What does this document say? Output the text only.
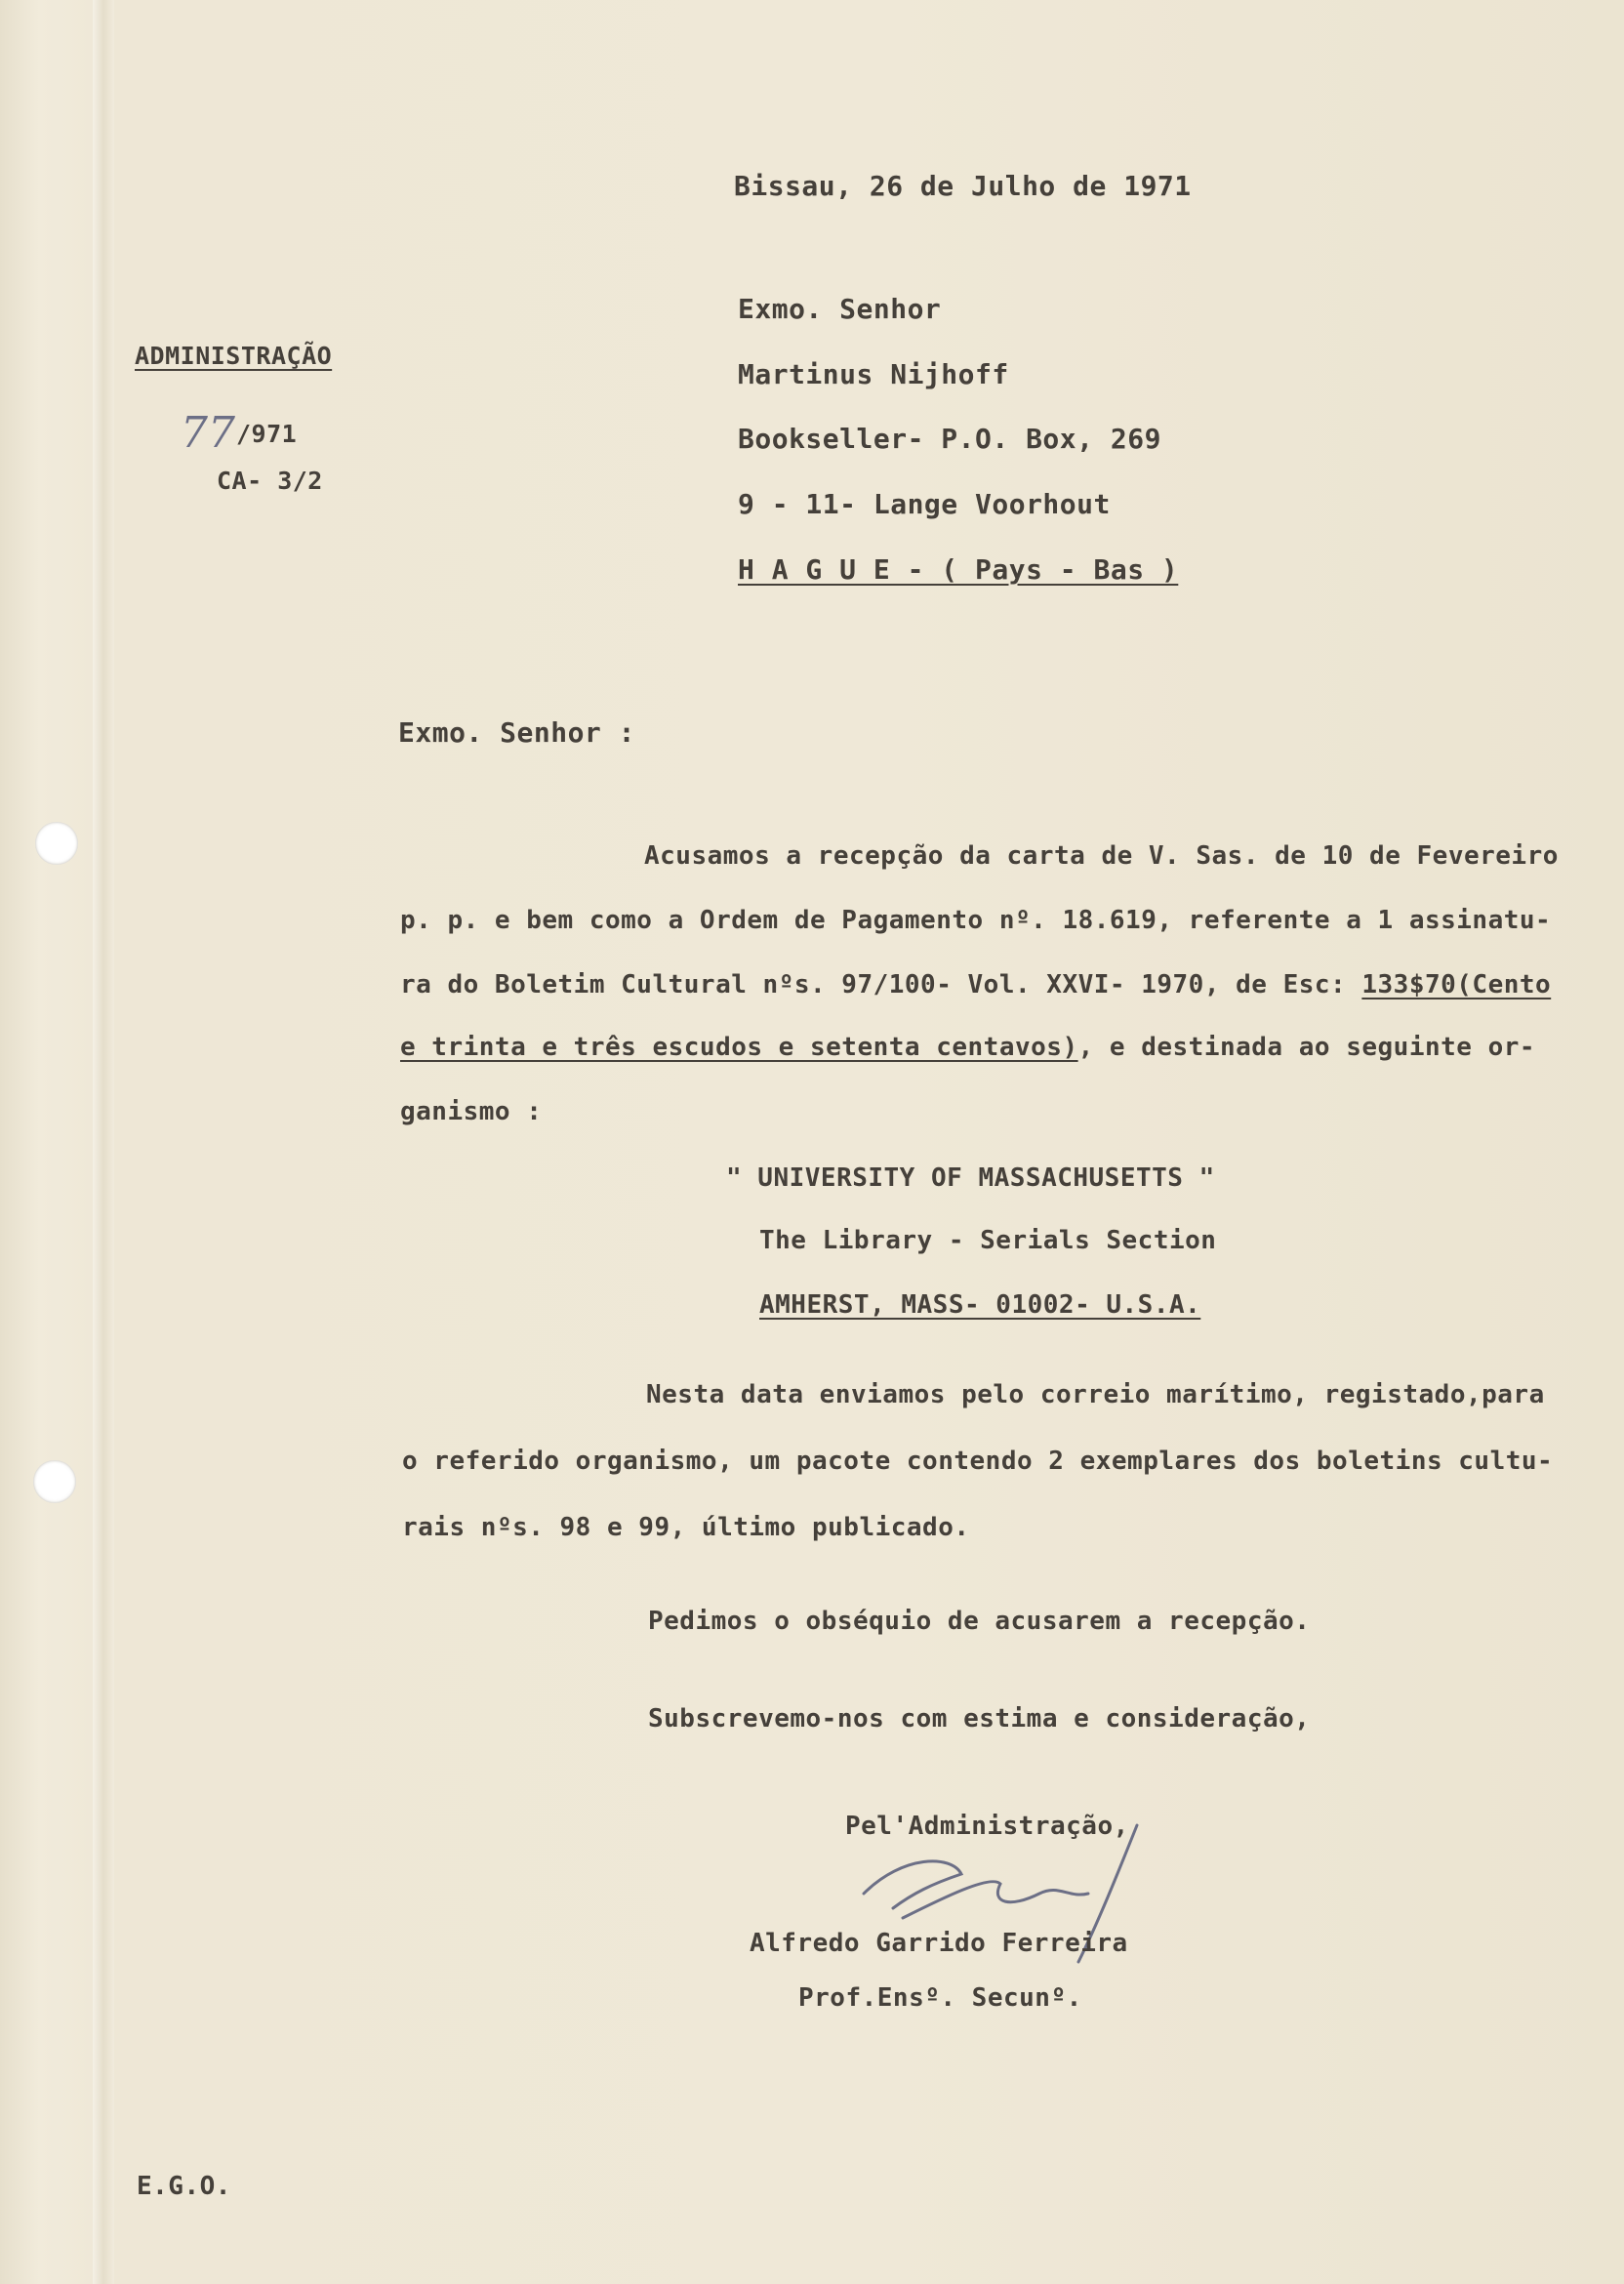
Bissau, 26 de Julho de 1971
ADMINISTRAÇÃO
77 /971
CA- 3/2
Exmo. Senhor
Martinus Nijhoff
Bookseller- P.O. Box, 269
9 - 11- Lange Voorhout
H A G U E - ( Pays - Bas )
Exmo. Senhor :
Acusamos a recepção da carta de V. Sas. de 10 de Fevereiro
p. p. e bem como a Ordem de Pagamento nº. 18.619, referente a 1 assinatu-
ra do Boletim Cultural nºs. 97/100- Vol. XXVI- 1970, de Esc: 133$70(Cento
e trinta e três escudos e setenta centavos), e destinada ao seguinte or-
ganismo :
" UNIVERSITY OF MASSACHUSETTS "
The Library - Serials Section
AMHERST, MASS- 01002- U.S.A.
Nesta data enviamos pelo correio marítimo, registado,para
o referido organismo, um pacote contendo 2 exemplares dos boletins cultu-
rais nºs. 98 e 99, último publicado.
Pedimos o obséquio de acusarem a recepção.
Subscrevemo-nos com estima e consideração,
Pel'Administração,
Alfredo Garrido Ferreira
Prof.Ensº. Secunº.
E.G.O.
